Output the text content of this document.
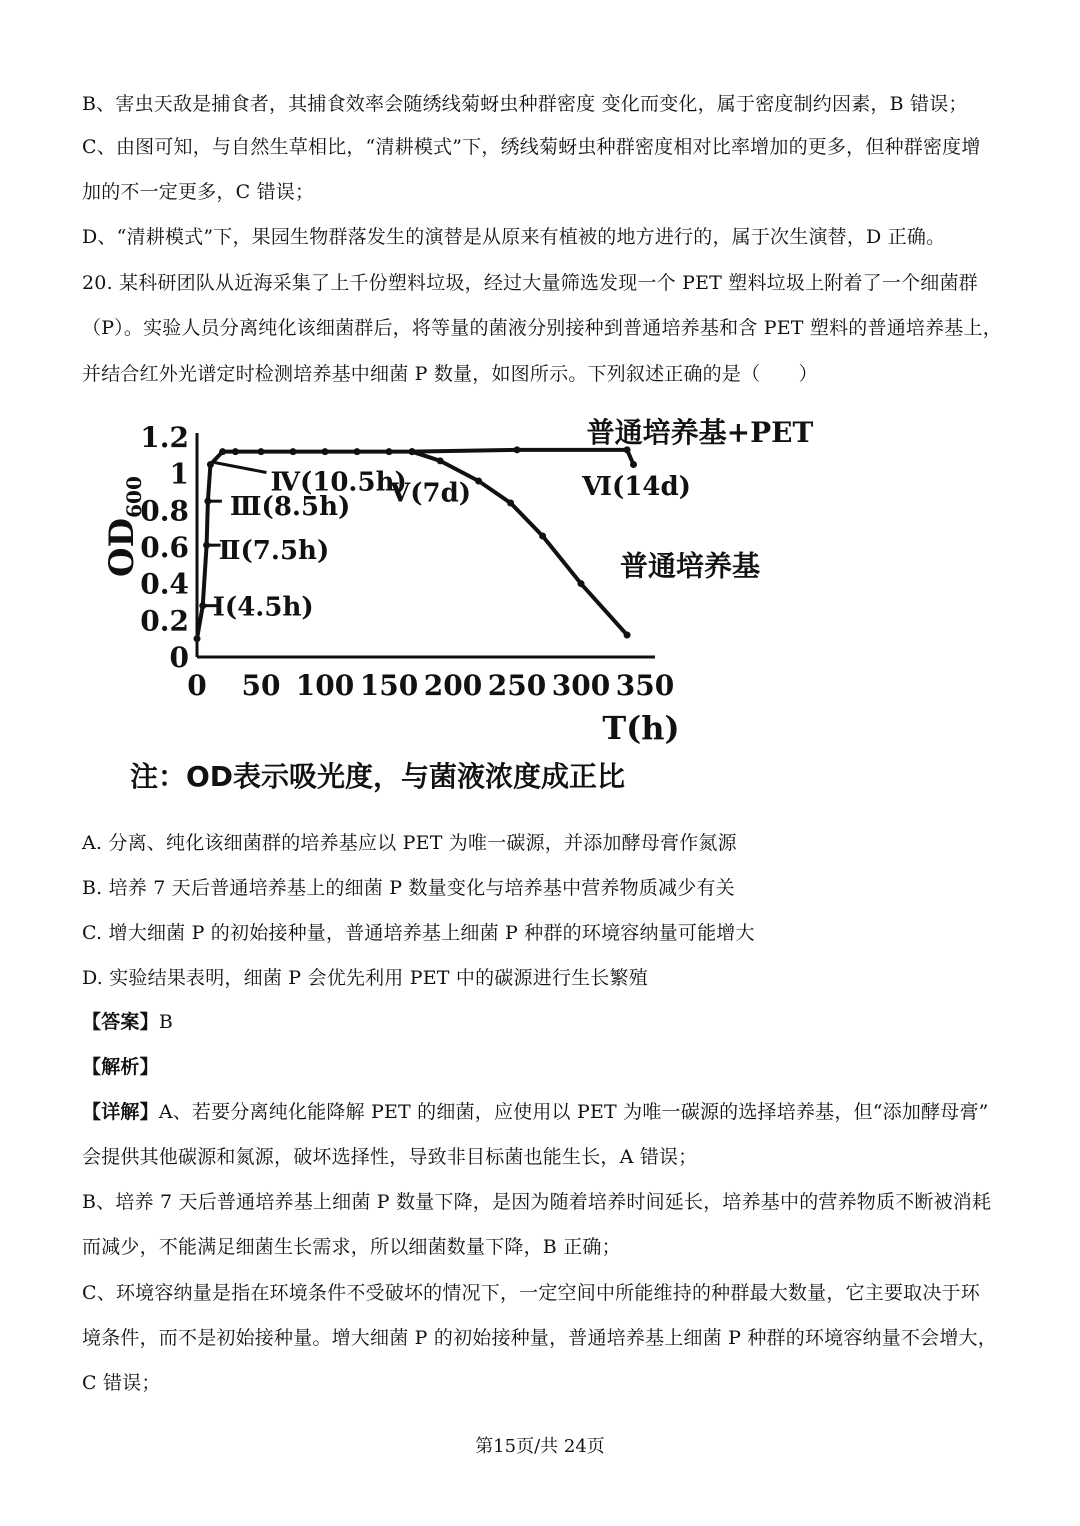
B、害虫天敌是捕食者，其捕食效率会随绣线菊蚜虫种群密度 变化而变化，属于密度制约因素，B 错误；
C、由图可知，与自然生草相比，“清耕模式”下，绣线菊蚜虫种群密度相对比率增加的更多，但种群密度增
加的不一定更多，C 错误；
D、“清耕模式”下，果园生物群落发生的演替是从原来有植被的地方进行的，属于次生演替，D 正确。
20. 某科研团队从近海采集了上千份塑料垃圾，经过大量筛选发现一个 PET 塑料垃圾上附着了一个细菌群
（P）。实验人员分离纯化该细菌群后，将等量的菌液分别接种到普通培养基和含 PET 塑料的普通培养基上，
并结合红外光谱定时检测培养基中细菌 P 数量，如图所示。下列叙述正确的是（　　）
0 50 100 150 200 250 300 350
0
0.2
0.4
0.6
0.8
1
1.2
T(h)
$OD_{600}$
普通培养基+PET
普通培养基
Ⅰ(4.5h)
Ⅱ(7.5h)
Ⅲ(8.5h)
Ⅳ(10.5h)
Ⅴ(7d)	Ⅵ(14d)
注：OD表示吸光度，与菌液浓度成正比
A. 分离、纯化该细菌群的培养基应以 PET 为唯一碳源，并添加酵母膏作氮源
B. 培养 7 天后普通培养基上的细菌 P 数量变化与培养基中营养物质减少有关
C. 增大细菌 P 的初始接种量，普通培养基上细菌 P 种群的环境容纳量可能增大
D. 实验结果表明，细菌 P 会优先利用 PET 中的碳源进行生长繁殖
【答案】B
【解析】
【详解】A、若要分离纯化能降解 PET 的细菌，应使用以 PET 为唯一碳源的选择培养基，但“添加酵母膏”
会提供其他碳源和氮源，破坏选择性，导致非目标菌也能生长，A 错误；
B、培养 7 天后普通培养基上细菌 P 数量下降，是因为随着培养时间延长，培养基中的营养物质不断被消耗
而减少，不能满足细菌生长需求，所以细菌数量下降，B 正确；
C、环境容纳量是指在环境条件不受破坏的情况下，一定空间中所能维持的种群最大数量，它主要取决于环
境条件，而不是初始接种量。增大细菌 P 的初始接种量，普通培养基上细菌 P 种群的环境容纳量不会增大，
C 错误；
第15页/共 24页
